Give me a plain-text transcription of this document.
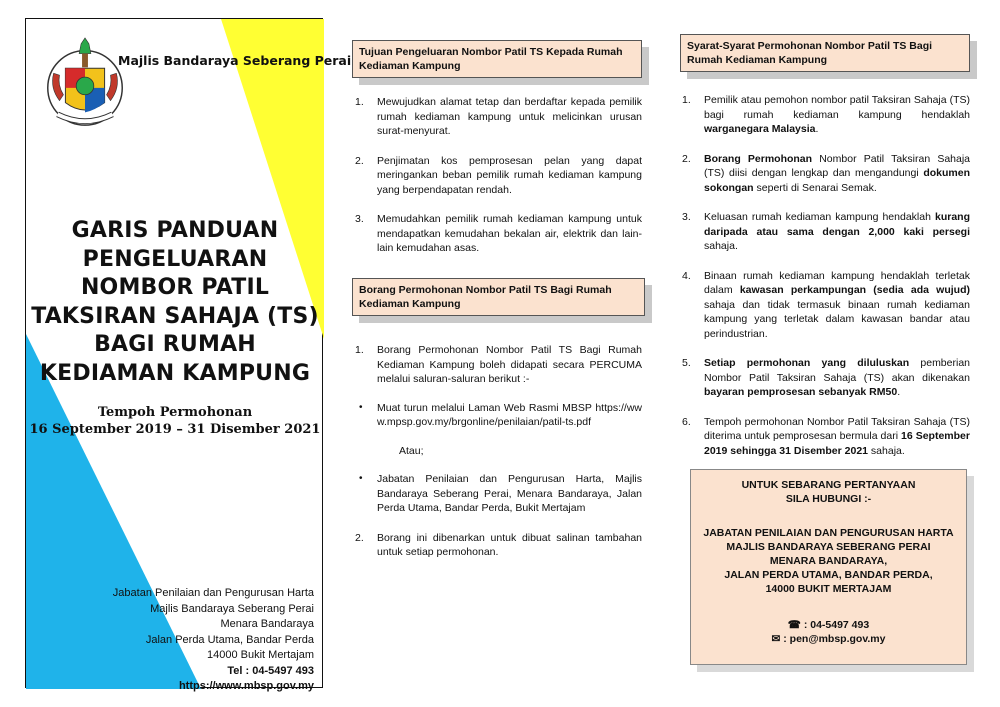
Majlis Bandaraya Seberang Perai
GARIS PANDUAN
PENGELUARAN
NOMBOR PATIL
TAKSIRAN SAHAJA (TS)
BAGI RUMAH
KEDIAMAN KAMPUNG
Tempoh Permohonan
16 September 2019 – 31 Disember 2021
Jabatan Penilaian dan Pengurusan Harta
Majlis Bandaraya Seberang Perai
Menara Bandaraya
Jalan Perda Utama, Bandar Perda
14000 Bukit Mertajam
Tel : 04-5497 493
https://www.mbsp.gov.my
Tujuan Pengeluaran Nombor Patil TS Kepada Rumah Kediaman Kampung
1. Mewujudkan alamat tetap dan berdaftar kepada pemilik rumah kediaman kampung untuk melicinkan urusan surat-menyurat.
2. Penjimatan kos pemprosesan pelan yang dapat meringankan beban pemilik rumah kediaman kampung yang berpendapatan rendah.
3. Memudahkan pemilik rumah kediaman kampung untuk mendapatkan kemudahan bekalan air, elektrik dan lain-lain kemudahan asas.
Borang Permohonan Nombor Patil TS Bagi Rumah Kediaman Kampung
1. Borang Permohonan Nombor Patil TS Bagi Rumah Kediaman Kampung boleh didapati secara PERCUMA melalui saluran-saluran berikut :-
• Muat turun melalui Laman Web Rasmi MBSP https://www.mpsp.gov.my/brgonline/penilaian/patil-ts.pdf
Atau;
• Jabatan Penilaian dan Pengurusan Harta, Majlis Bandaraya Seberang Perai, Menara Bandaraya, Jalan Perda Utama, Bandar Perda, Bukit Mertajam
2. Borang ini dibenarkan untuk dibuat salinan tambahan untuk setiap permohonan.
Syarat-Syarat Permohonan Nombor Patil TS Bagi Rumah Kediaman Kampung
1. Pemilik atau pemohon nombor patil Taksiran Sahaja (TS) bagi rumah kediaman kampung hendaklah warganegara Malaysia.
2. Borang Permohonan Nombor Patil Taksiran Sahaja (TS) diisi dengan lengkap dan mengandungi dokumen sokongan seperti di Senarai Semak.
3. Keluasan rumah kediaman kampung hendaklah kurang daripada atau sama dengan 2,000 kaki persegi sahaja.
4. Binaan rumah kediaman kampung hendaklah terletak dalam kawasan perkampungan (sedia ada wujud) sahaja dan tidak termasuk binaan rumah kediaman kampung yang terletak dalam kawasan bandar atau perindustrian.
5. Setiap permohonan yang diluluskan pemberian Nombor Patil Taksiran Sahaja (TS) akan dikenakan bayaran pemprosesan sebanyak RM50.
6. Tempoh permohonan Nombor Patil Taksiran Sahaja (TS) diterima untuk pemprosesan bermula dari 16 September 2019 sehingga 31 Disember 2021 sahaja.
UNTUK SEBARANG PERTANYAAN
SILA HUBUNGI :-
JABATAN PENILAIAN DAN PENGURUSAN HARTA
MAJLIS BANDARAYA SEBERANG PERAI
MENARA BANDARAYA,
JALAN PERDA UTAMA, BANDAR PERDA,
14000 BUKIT MERTAJAM
☎ : 04-5497 493
✉ : pen@mbsp.gov.my
